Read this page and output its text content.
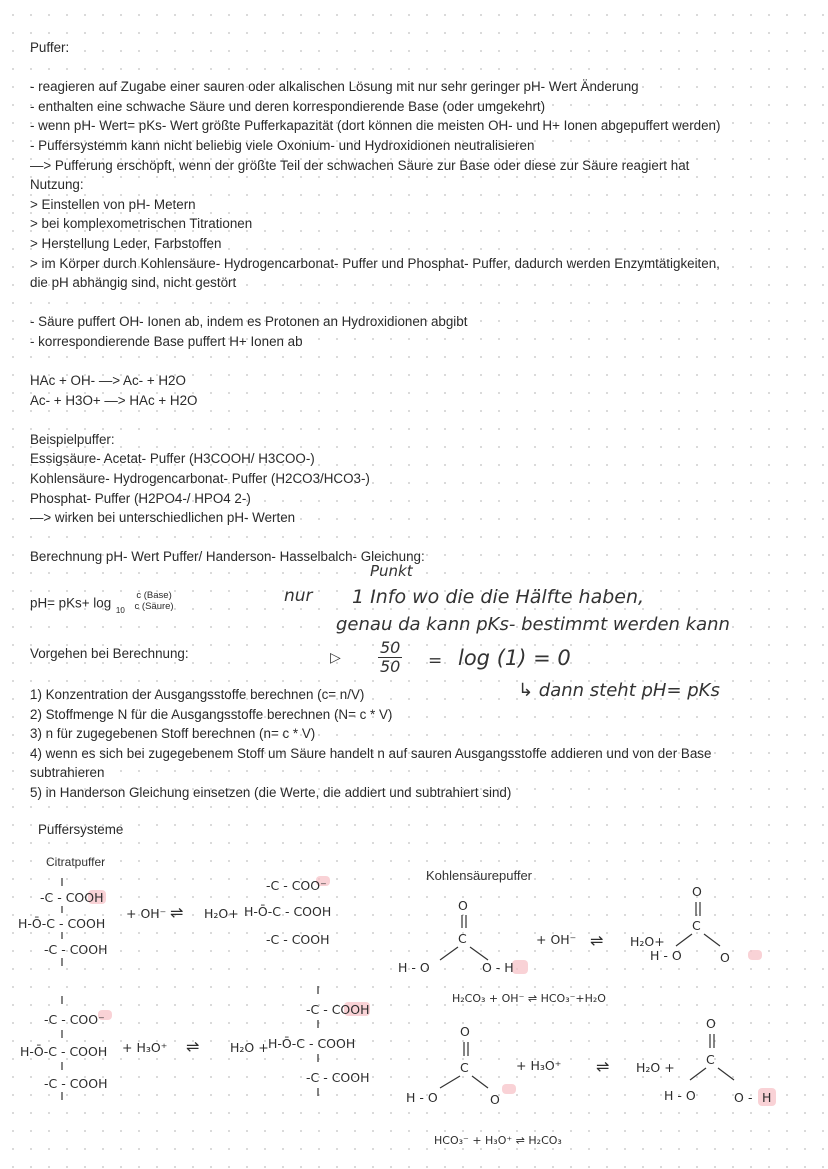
Puffer:
- reagieren auf Zugabe einer sauren oder alkalischen Lösung mit nur sehr geringer pH- Wert Änderung
- enthalten eine schwache Säure und deren korrespondierende Base (oder umgekehrt)
- wenn pH- Wert= pKs- Wert größte Pufferkapazität (dort können die meisten OH- und H+ Ionen abgepuffert werden)
- Puffersystemm kann nicht beliebig viele Oxonium- und Hydroxidionen neutralisieren
—> Pufferung erschöpft, wenn der größte Teil der schwachen Säure zur Base oder diese zur Säure reagiert hat
Nutzung:
> Einstellen von pH- Metern
> bei komplexometrischen Titrationen
> Herstellung Leder, Farbstoffen
> im Körper durch Kohlensäure- Hydrogencarbonat- Puffer und Phosphat- Puffer, dadurch werden Enzymtätigkeiten,
die pH abhängig sind, nicht gestört
- Säure puffert OH- Ionen ab, indem es Protonen an Hydroxidionen abgibt
- korrespondierende Base puffert H+ Ionen ab
HAc + OH- —> Ac- + H2O
Ac- + H3O+ —> HAc + H2O
Beispielpuffer:
Essigsäure- Acetat- Puffer (H3COOH/ H3COO-)
Kohlensäure- Hydrogencarbonat- Puffer (H2CO3/HCO3-)
Phosphat- Puffer (H2PO4-/ HPO4 2-)
—> wirken bei unterschiedlichen pH- Werten
Berechnung pH- Wert Puffer/ Handerson- Hasselbalch- Gleichung:
pH= pKs+ log $_{10}$
c (Base)
c (Säure)
Punkt
nur 1 Info wo die die Hälfte haben,
genau da kann pKs- bestimmt werden kann
▷ $\frac{50}{50} = \log (1) = 0$
↳ dann steht pH= pKs
Vorgehen bei Berechnung:
1) Konzentration der Ausgangsstoffe berechnen (c= n/V)
2) Stoffmenge N für die Ausgangsstoffe berechnen (N= c * V)
3) n für zugegebenen Stoff berechnen (n= c * V)
4) wenn es sich bei zugegebenem Stoff um Säure handelt n auf sauren Ausgangsstoffe addieren und von der Base
subtrahieren
5) in Handerson Gleichung einsetzen (die Werte, die addiert und subtrahiert sind)
Puffersysteme
Citratpuffer
-C - COOH
H-Ō-C - COOH
-C - COOH
+ OH⁻ ⇌ H₂O+
-C - COO⁻
H-Ō-C - COOH
-C - COOH
-C - COO⁻
H-Ō-C - COOH
-C - COOH
+ H₃O⁺ ⇌ H₂O +
-C - COOH
H-Ō-C - COOH
-C - COOH
Kohlensäurepuffer
O
C
H - O	O - H
+ OH⁻ ⇌ H₂O+
O
C
H - O	O
H₂CO₃ + OH⁻ ⇌ HCO₃⁻+H₂O
O
C
H - O	O
+ H₃O⁺ ⇌ H₂O +
O
C
H - O	O - H
HCO₃⁻ + H₃O⁺ ⇌ H₂CO₃
